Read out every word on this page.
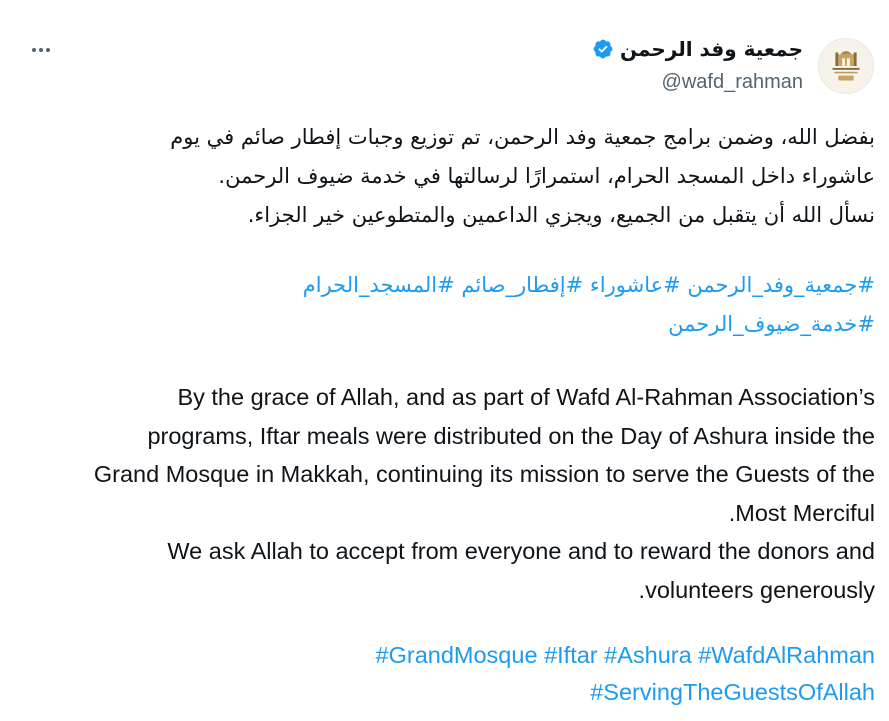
جمعية وفد الرحمن
@wafd_rahman
بفضل الله، وضمن برامج جمعية وفد الرحمن، تم توزيع وجبات إفطار صائم في يوم
عاشوراء داخل المسجد الحرام، استمرارًا لرسالتها في خدمة ضيوف الرحمن.
نسأل الله أن يتقبل من الجميع، ويجزي الداعمين والمتطوعين خير الجزاء.
#جمعية_وفد_الرحمن #عاشوراء #إفطار_صائم #المسجد_الحرام
#خدمة_ضيوف_الرحمن
By the grace of Allah, and as part of Wafd Al-Rahman Association’s
programs, Iftar meals were distributed on the Day of Ashura inside the
Grand Mosque in Makkah, continuing its mission to serve the Guests of the
.Most Merciful
We ask Allah to accept from everyone and to reward the donors and
.volunteers generously
#GrandMosque #Iftar #Ashura #WafdAlRahman
#ServingTheGuestsOfAllah
